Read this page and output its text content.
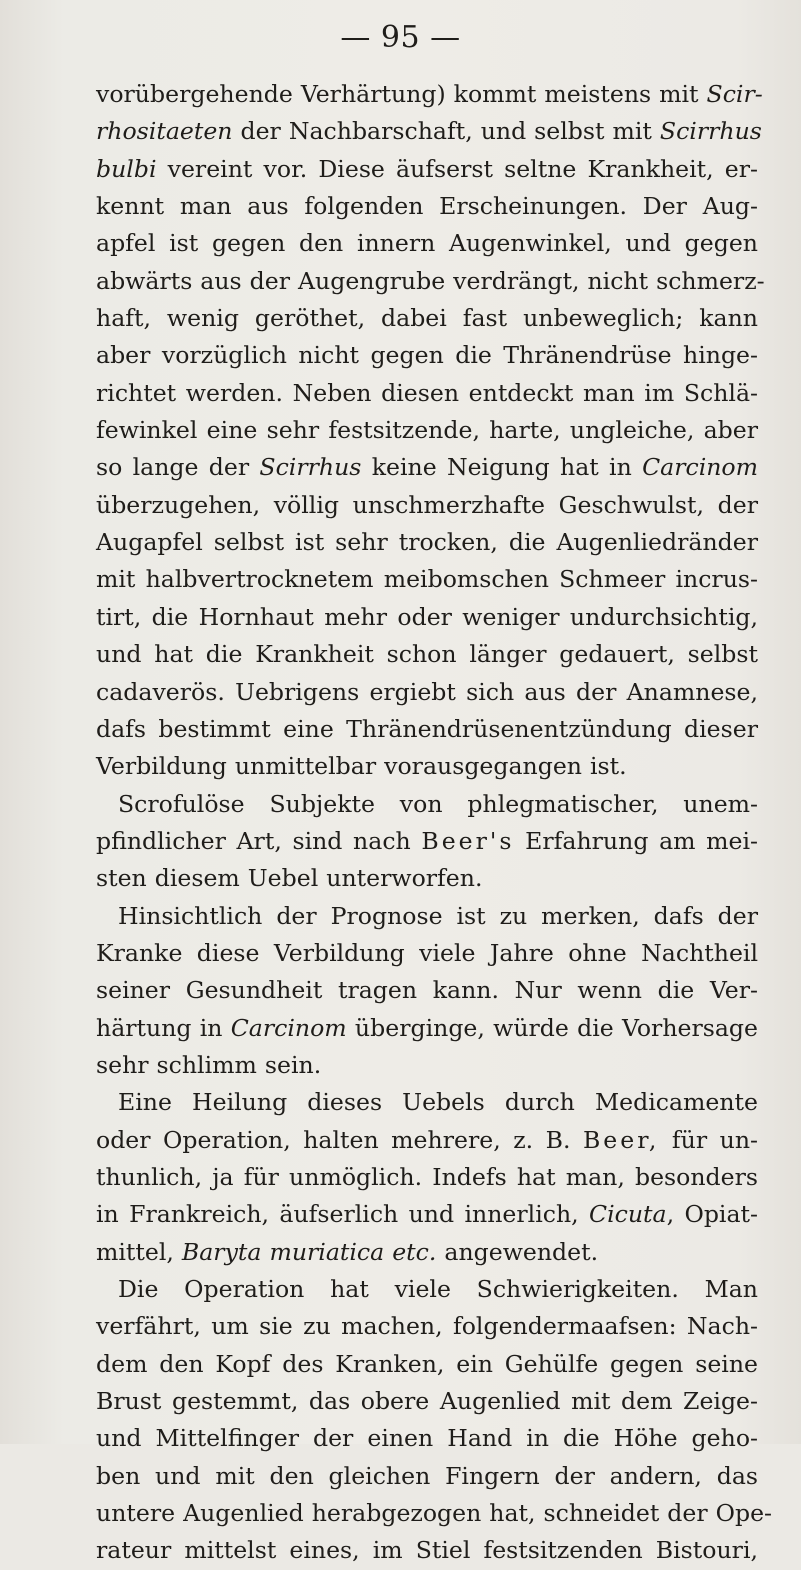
— 95 —
vorübergehende Verhärtung) kommt meistens mit Scir-
rhositaeten der Nachbarschaft, und selbst mit Scirrhus
bulbi vereint vor. Diese äufserst seltne Krankheit, er-
kennt man aus folgenden Erscheinungen. Der Aug-
apfel ist gegen den innern Augenwinkel, und gegen
abwärts aus der Augengrube verdrängt, nicht schmerz-
haft, wenig geröthet, dabei fast unbeweglich; kann
aber vorzüglich nicht gegen die Thränendrüse hinge-
richtet werden. Neben diesen entdeckt man im Schlä-
fewinkel eine sehr festsitzende, harte, ungleiche, aber
so lange der Scirrhus keine Neigung hat in Carcinom
überzugehen, völlig unschmerzhafte Geschwulst, der
Augapfel selbst ist sehr trocken, die Augenliedränder
mit halbvertrocknetem meibomschen Schmeer incrus-
tirt, die Hornhaut mehr oder weniger undurchsichtig,
und hat die Krankheit schon länger gedauert, selbst
cadaverös. Uebrigens ergiebt sich aus der Anamnese,
dafs bestimmt eine Thränendrüsenentzündung dieser
Verbildung unmittelbar vorausgegangen ist.
Scrofulöse Subjekte von phlegmatischer, unem-
pfindlicher Art, sind nach Beer's Erfahrung am mei-
sten diesem Uebel unterworfen.
Hinsichtlich der Prognose ist zu merken, dafs der
Kranke diese Verbildung viele Jahre ohne Nachtheil
seiner Gesundheit tragen kann. Nur wenn die Ver-
härtung in Carcinom überginge, würde die Vorhersage
sehr schlimm sein.
Eine Heilung dieses Uebels durch Medicamente
oder Operation, halten mehrere, z. B. Beer, für un-
thunlich, ja für unmöglich. Indefs hat man, besonders
in Frankreich, äufserlich und innerlich, Cicuta, Opiat-
mittel, Baryta muriatica etc. angewendet.
Die Operation hat viele Schwierigkeiten. Man
verfährt, um sie zu machen, folgendermaafsen: Nach-
dem den Kopf des Kranken, ein Gehülfe gegen seine
Brust gestemmt, das obere Augenlied mit dem Zeige-
und Mittelfinger der einen Hand in die Höhe geho-
ben und mit den gleichen Fingern der andern, das
untere Augenlied herabgezogen hat, schneidet der Ope-
rateur mittelst eines, im Stiel festsitzenden Bistouri,
